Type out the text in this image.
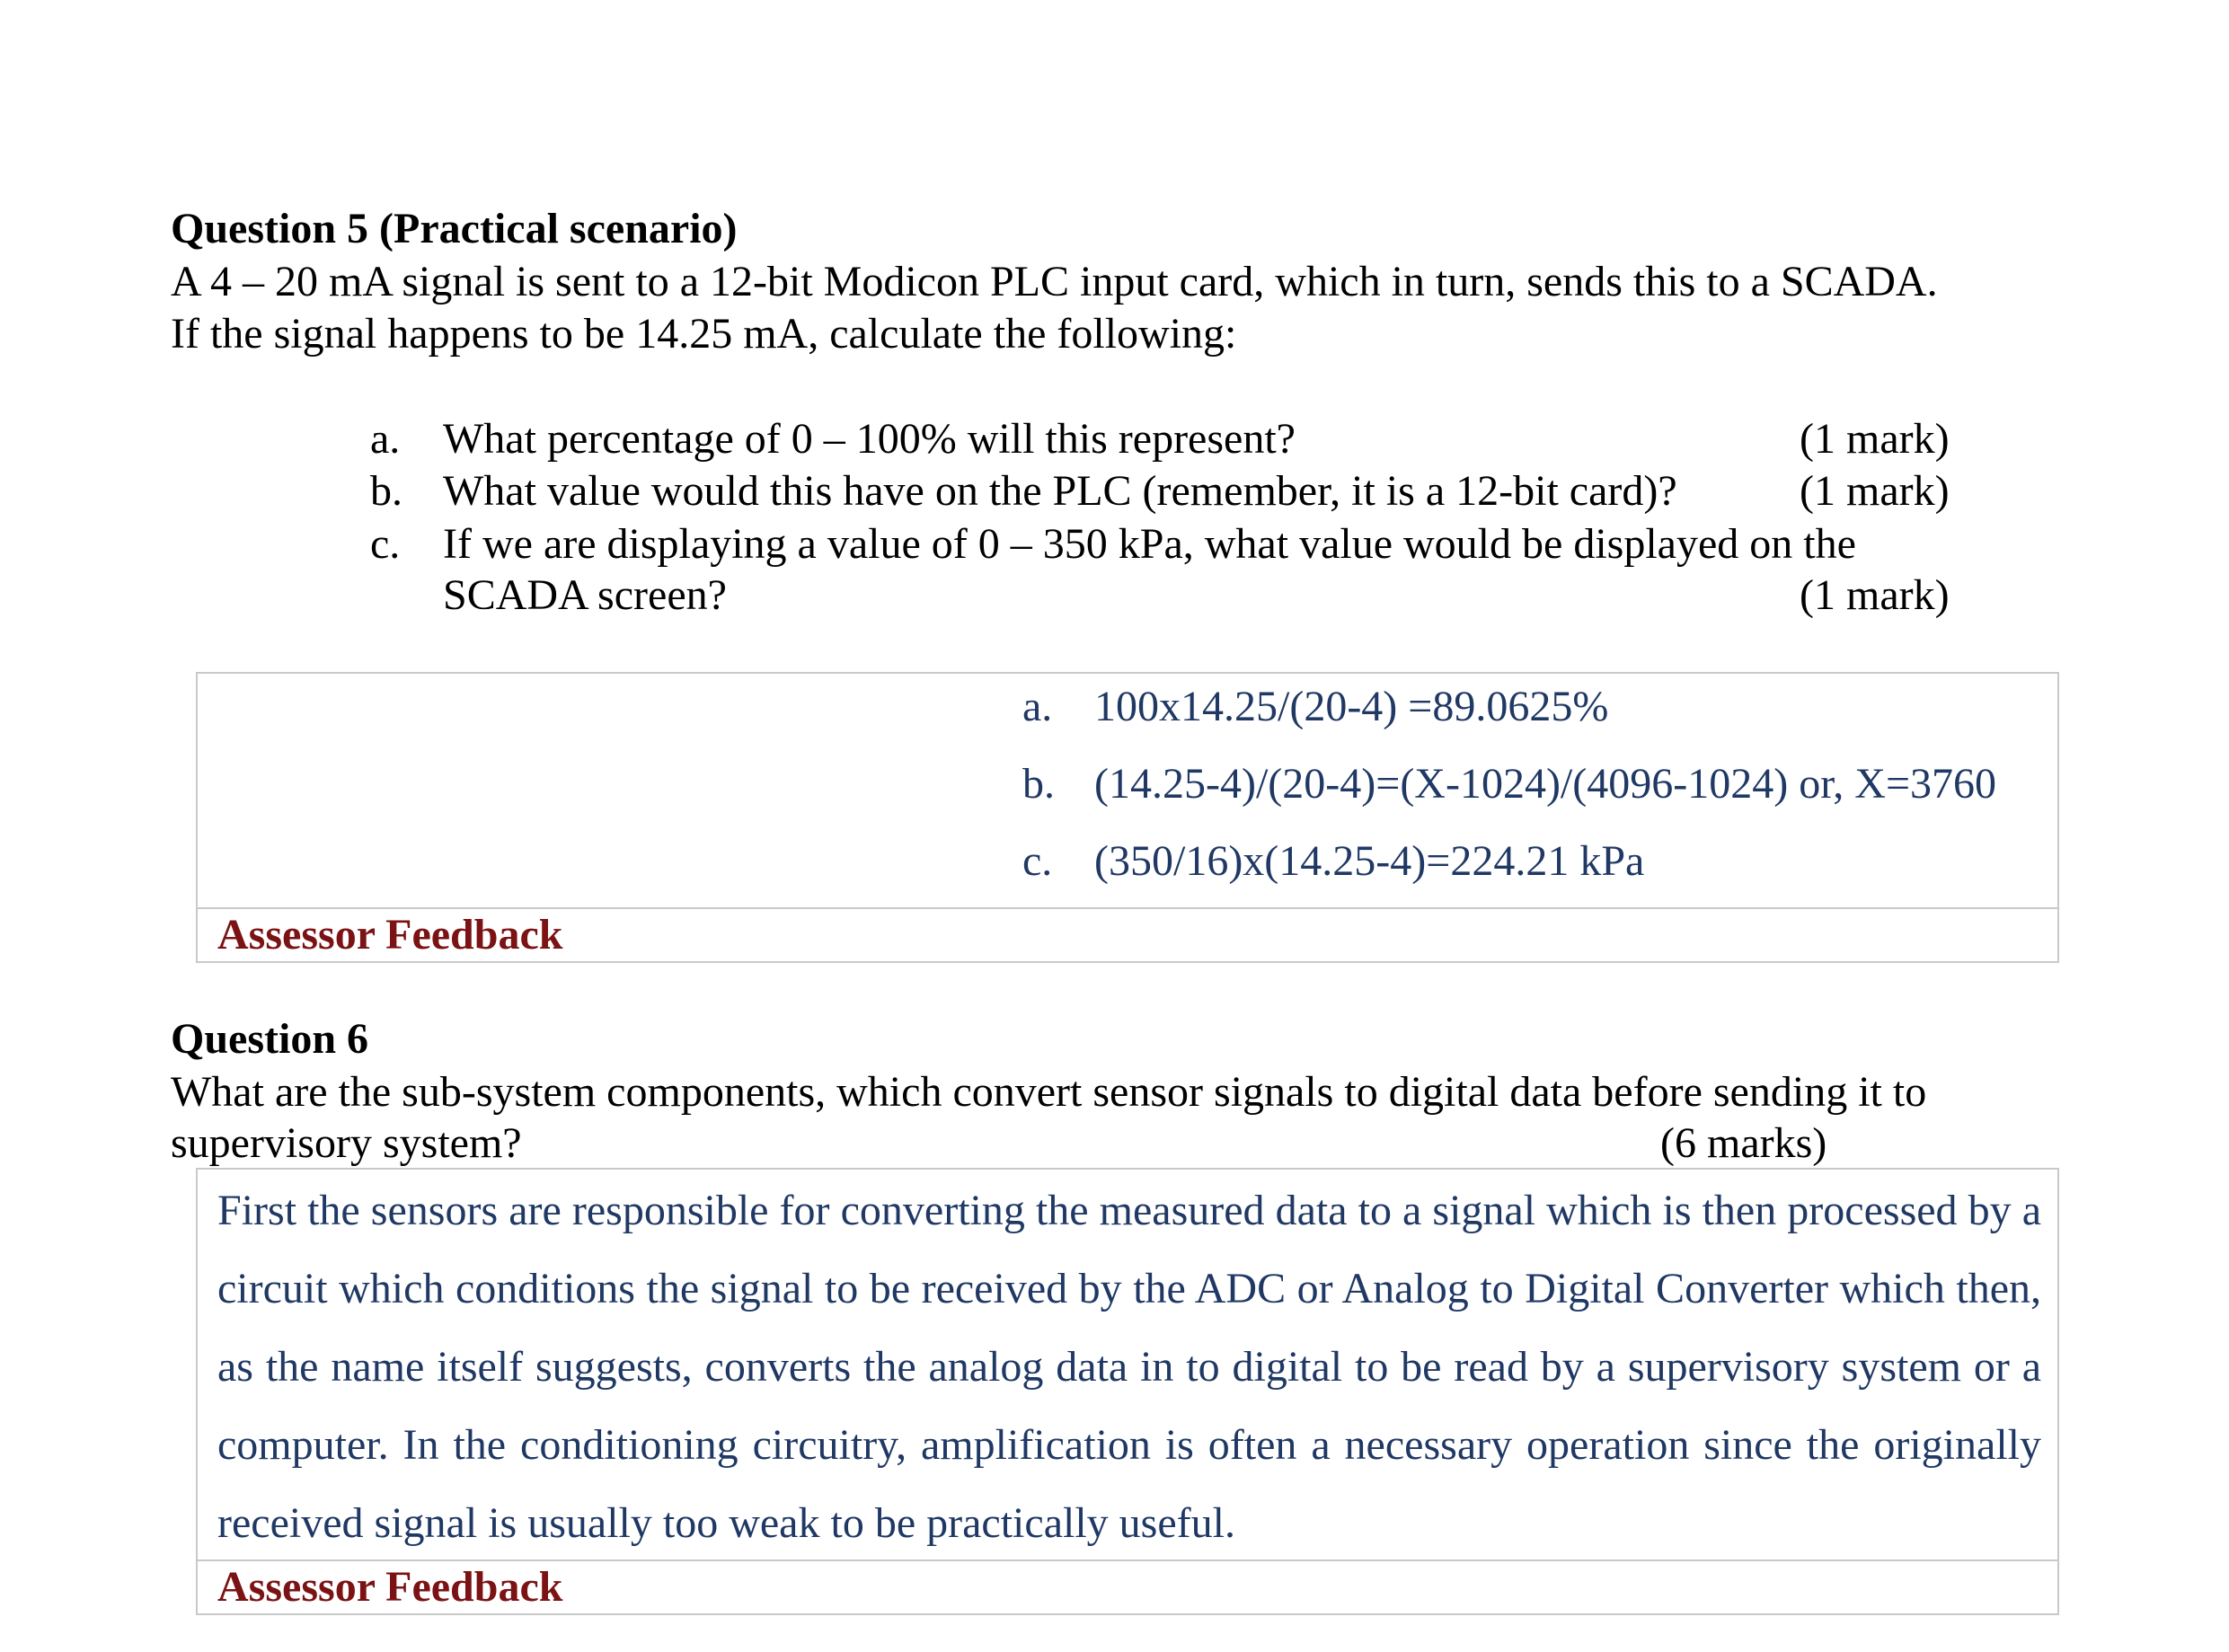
Question 5 (Practical scenario)
A 4 – 20 mA signal is sent to a 12-bit Modicon PLC input card, which in turn, sends this to a SCADA.
If the signal happens to be 14.25 mA, calculate the following:
a. What percentage of 0 – 100% will this represent?	(1 mark)
b. What value would this have on the PLC (remember, it is a 12-bit card)?	(1 mark)
c. If we are displaying a value of 0 – 350 kPa, what value would be displayed on the
SCADA screen?	(1 mark)
a. 100x14.25/(20-4) =89.0625%
b. (14.25-4)/(20-4)=(X-1024)/(4096-1024) or, X=3760
c. (350/16)x(14.25-4)=224.21 kPa
Assessor Feedback
Question 6
What are the sub-system components, which convert sensor signals to digital data before sending it to
supervisory system?	(6 marks)
First the sensors are responsible for converting the measured data to a signal which is then processed by a circuit which conditions the signal to be received by the ADC or Analog to Digital Converter which then, as the name itself suggests, converts the analog data in to digital to be read by a supervisory system or a computer. In the conditioning circuitry, amplification is often a necessary operation since the originally received signal is usually too weak to be practically useful.
Assessor Feedback
